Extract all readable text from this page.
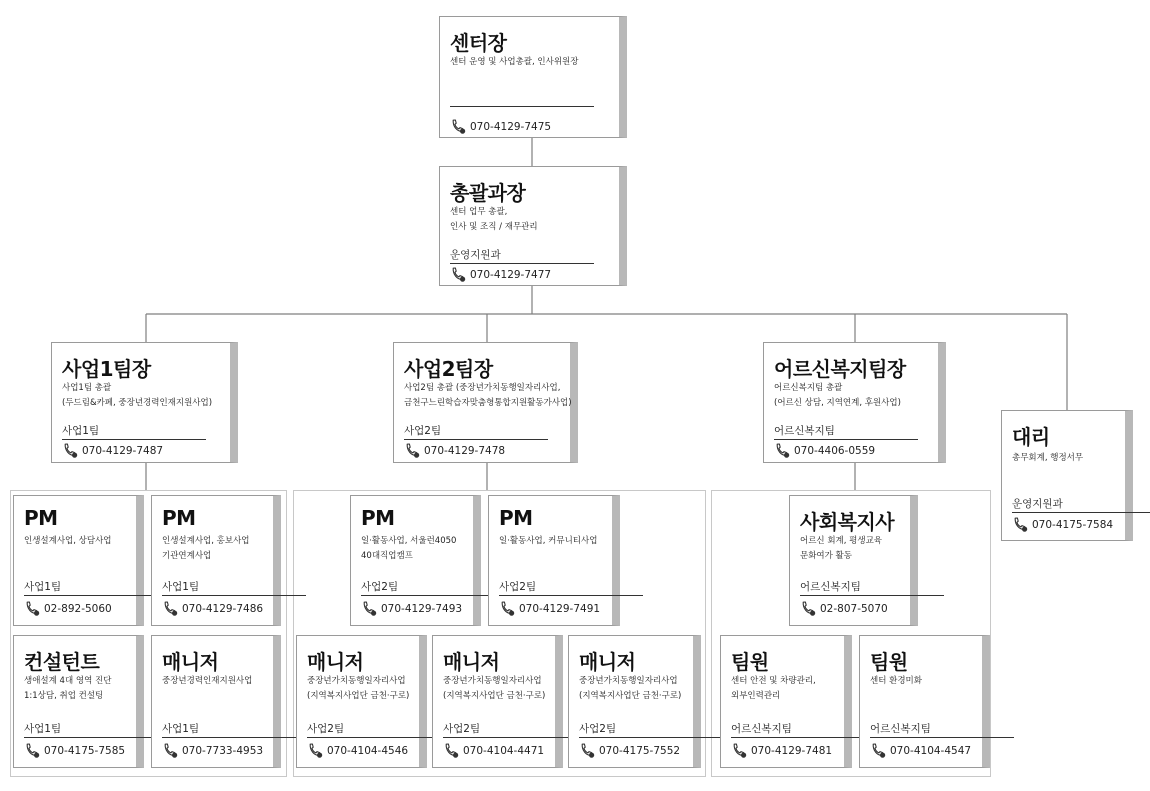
센터장
센터 운영 및 사업총괄, 인사위원장
070-4129-7475
총괄과장
센터 업무 총괄,
인사 및 조직 / 재무관리
운영지원과
070-4129-7477
사업1팀장
사업1팀 총괄
(두드림&카페, 중장년경력인재지원사업)
사업1팀
070-4129-7487
사업2팀장
사업2팀 총괄 (중장년가치동행일자리사업,
금천구느린학습자맞춤형통합지원활동가사업)
사업2팀
070-4129-7478
어르신복지팀장
어르신복지팀 총괄
(어르신 상담, 지역연계, 후원사업)
어르신복지팀
070-4406-0559
대리
총무회계, 행정서무
운영지원과
070-4175-7584
PM
인생설계사업, 상담사업
사업1팀
02-892-5060
PM
인생설계사업, 홍보사업
기관연계사업
사업1팀
070-4129-7486
컨설턴트
생애설계 4대 영역 진단
1:1상담, 취업 컨설팅
사업1팀
070-4175-7585
매니저
중장년경력인재지원사업
사업1팀
070-7733-4953
PM
일·활동사업, 서울런4050
40대직업캠프
사업2팀
070-4129-7493
PM
일·활동사업, 커뮤니티사업
사업2팀
070-4129-7491
매니저
중장년가치동행일자리사업
(지역복지사업단 금천·구로)
사업2팀
070-4104-4546
매니저
중장년가치동행일자리사업
(지역복지사업단 금천·구로)
사업2팀
070-4104-4471
매니저
중장년가치동행일자리사업
(지역복지사업단 금천·구로)
사업2팀
070-4175-7552
사회복지사
어르신 회계, 평생교육
문화여가 활동
어르신복지팀
02-807-5070
팀원
센터 안전 및 차량관리,
외부인력관리
어르신복지팀
070-4129-7481
팀원
센터 환경미화
어르신복지팀
070-4104-4547
